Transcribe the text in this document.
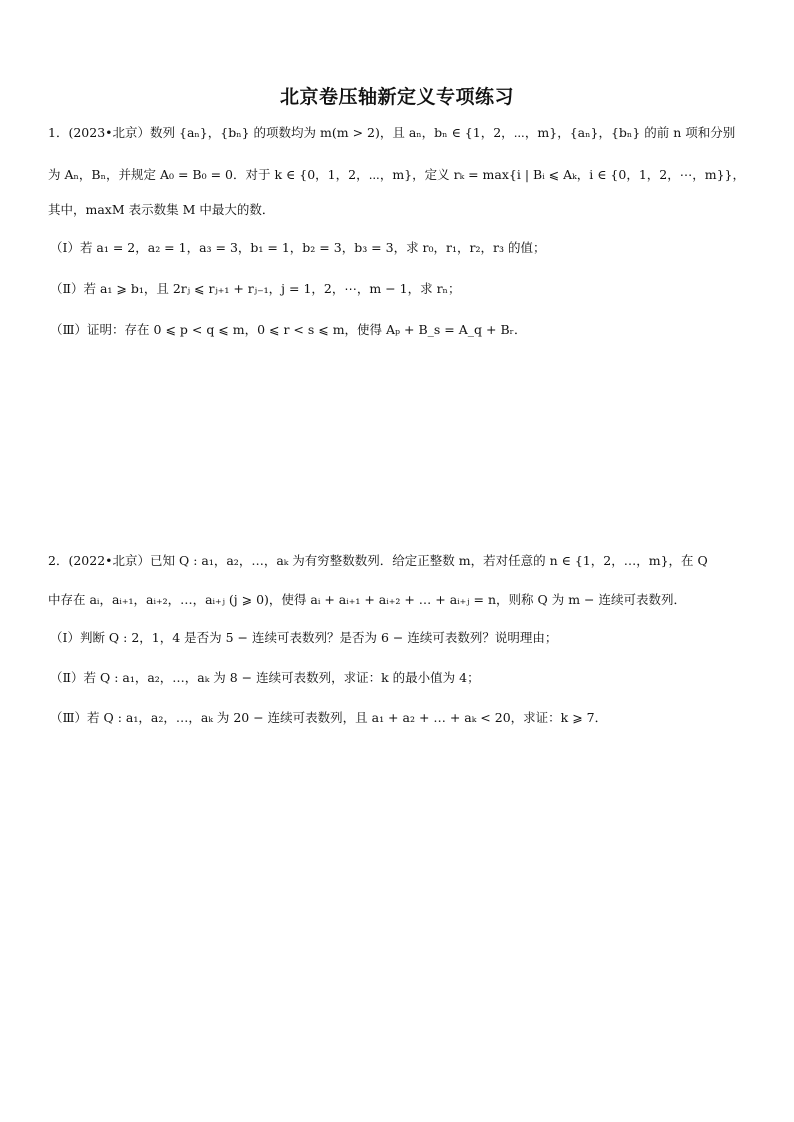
北京卷压轴新定义专项练习
1．(2023•北京）数列 {aₙ}，{bₙ} 的项数均为 m(m > 2)，且 aₙ，bₙ ∈ {1，2，⋯，m}，{aₙ}，{bₙ} 的前 n 项和分别
为 Aₙ，Bₙ，并规定 A₀ = B₀ = 0．对于 k ∈ {0，1，2，⋯，m}，定义 rₖ = max{i | Bᵢ ⩽ Aₖ，i ∈ {0，1，2，⋯，m}}，
其中，maxM 表示数集 M 中最大的数．
（Ⅰ）若 a₁ = 2，a₂ = 1，a₃ = 3，b₁ = 1，b₂ = 3，b₃ = 3，求 r₀，r₁，r₂，r₃ 的值；
（Ⅱ）若 a₁ ⩾ b₁，且 2rⱼ ⩽ rⱼ₊₁ + rⱼ₋₁，j = 1，2，⋯，m − 1，求 rₙ；
（Ⅲ）证明：存在 0 ⩽ p < q ⩽ m，0 ⩽ r < s ⩽ m，使得 Aₚ + B_s = A_q + Bᵣ．
2．(2022•北京）已知 Q : a₁，a₂，…，aₖ 为有穷整数数列．给定正整数 m，若对任意的 n ∈ {1，2，…，m}，在 Q
中存在 aᵢ，aᵢ₊₁，aᵢ₊₂，…，aᵢ₊ⱼ (j ⩾ 0)，使得 aᵢ + aᵢ₊₁ + aᵢ₊₂ + … + aᵢ₊ⱼ = n，则称 Q 为 m − 连续可表数列．
（Ⅰ）判断 Q : 2，1，4 是否为 5 − 连续可表数列？是否为 6 − 连续可表数列？说明理由；
（Ⅱ）若 Q : a₁，a₂，…，aₖ 为 8 − 连续可表数列，求证：k 的最小值为 4；
（Ⅲ）若 Q : a₁，a₂，…，aₖ 为 20 − 连续可表数列，且 a₁ + a₂ + … + aₖ < 20，求证：k ⩾ 7．
